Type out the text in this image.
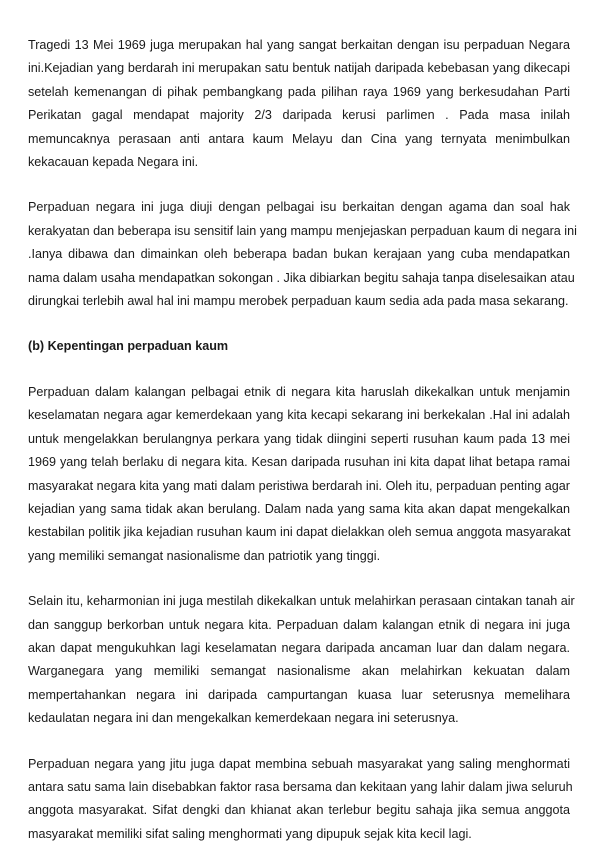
Tragedi 13 Mei 1969 juga merupakan hal yang sangat berkaitan dengan isu perpaduan Negara
ini.Kejadian yang berdarah ini merupakan satu bentuk natijah daripada kebebasan yang dikecapi
setelah kemenangan di pihak pembangkang pada pilihan raya 1969 yang berkesudahan Parti
Perikatan gagal mendapat majority 2/3 daripada kerusi parlimen . Pada masa inilah
memuncaknya perasaan anti antara kaum Melayu dan Cina yang ternyata menimbulkan
kekacauan kepada Negara ini.

Perpaduan negara ini juga diuji dengan pelbagai isu berkaitan dengan agama dan soal hak
kerakyatan dan beberapa isu sensitif lain yang mampu menjejaskan perpaduan kaum di negara ini
.Ianya dibawa dan dimainkan oleh beberapa badan bukan kerajaan yang cuba mendapatkan
nama dalam usaha mendapatkan sokongan . Jika dibiarkan begitu sahaja tanpa diselesaikan atau
dirungkai terlebih awal hal ini mampu merobek perpaduan kaum sedia ada pada masa sekarang.

(b) Kepentingan perpaduan kaum

Perpaduan dalam kalangan pelbagai etnik di negara kita haruslah dikekalkan untuk menjamin
keselamatan negara agar kemerdekaan yang kita kecapi sekarang ini berkekalan .Hal ini adalah
untuk mengelakkan berulangnya perkara yang tidak diingini seperti rusuhan kaum pada 13 mei
1969 yang telah berlaku di negara kita. Kesan daripada rusuhan ini kita dapat lihat betapa ramai
masyarakat negara kita yang mati dalam peristiwa berdarah ini. Oleh itu, perpaduan penting agar
kejadian yang sama tidak akan berulang. Dalam nada yang sama kita akan dapat mengekalkan
kestabilan politik jika kejadian rusuhan kaum ini dapat dielakkan oleh semua anggota masyarakat
yang memiliki semangat nasionalisme dan patriotik yang tinggi.

Selain itu, keharmonian ini juga mestilah dikekalkan untuk melahirkan perasaan cintakan tanah air
dan sanggup berkorban untuk negara kita. Perpaduan dalam kalangan etnik di negara ini juga
akan dapat mengukuhkan lagi keselamatan negara daripada ancaman luar dan dalam negara.
Warganegara yang memiliki semangat nasionalisme akan melahirkan kekuatan dalam
mempertahankan negara ini daripada campurtangan kuasa luar seterusnya memelihara
kedaulatan negara ini dan mengekalkan kemerdekaan negara ini seterusnya.

Perpaduan negara yang jitu juga dapat membina sebuah masyarakat yang saling menghormati
antara satu sama lain disebabkan faktor rasa bersama dan kekitaan yang lahir dalam jiwa seluruh
anggota masyarakat. Sifat dengki dan khianat akan terlebur begitu sahaja jika semua anggota
masyarakat memiliki sifat saling menghormati yang dipupuk sejak kita kecil lagi.
